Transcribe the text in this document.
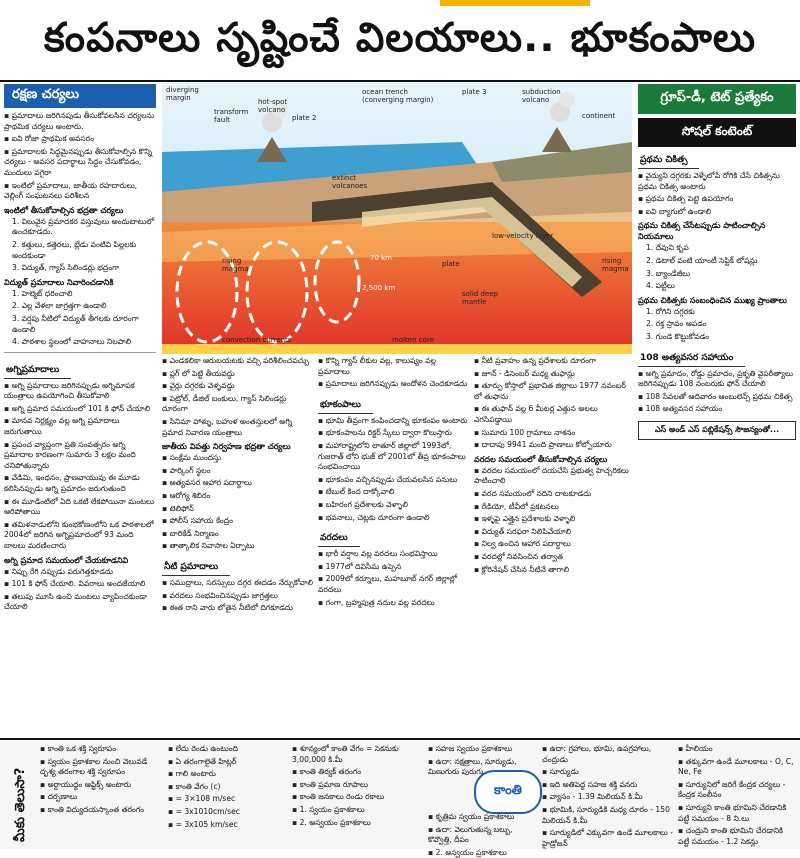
కంపనాలు సృష్టించే విలయాలు.. భూకంపాలు
రక్షణ చర్యలు
▪ ప్రమాదాలు జరిగినపుడు తీసుకోవలసిన చర్యలను ప్రాథమిక చర్యలు అంటారు.
▪ ఐవి రోజా ప్రాథమిక అవసరం
▪ ప్రమాదాలకు సిద్ధమైనప్పుడు తీసుకోవాల్సిన కొన్ని చర్యలు - అవసర పదార్థాలు సిద్ధం చేసుకోవడం, మందులు వగైరా
▪ ఇంటిలో ప్రమాదాలు, జాతీయ రహదారులు, వెల్లింగ్ సంఘటనలు పరిశీలన
ఇంటిలో తీసుకోవాల్సిన భద్రతా చర్యలు
1. విలువైన ప్రమాదకర వస్తువులు అందుబాటులో ఉంచకూడదు.
2. కత్తులు, కత్తెరలు, బ్లేడు వంటివి పిల్లలకు అందకుండా
3. విద్యుత్, గ్యాస్ సిలిండర్లు భద్రంగా
విద్యుత్ ప్రమాదాలు నివారించడానికి
1. హెల్మెట్ ధరించాలి
2. ఎల్ల వేళలా జాగ్రత్తగా ఉండాలి
3. వర్షపు నీటిలో విద్యుత్ తీగలకు దూరంగా ఉండాలి
4. పాఠశాల స్థలంలో వాహనాలు నిలపాలి
అగ్నిప్రమాదాలు
▪ అగ్ని ప్రమాదాలు జరిగినప్పుడు అగ్నిమాపక యంత్రాలు ఉపయోగించి తీసుకోవాలి
▪ అగ్ని ప్రమాద సమయంలో 101 కి ఫోన్ చేయాలి
▪ మానవ నిర్లక్ష్యం వల్ల అగ్ని ప్రమాదాలు జరుగుతాయి
▪ ప్రపంచ వ్యాప్తంగా ప్రతి సంవత్సరం అగ్ని ప్రమాదాల కారణంగా సుమారు 3 లక్షల మంది చనిపోతున్నారు
▪ వేడిమి, ఇంధనం, ప్రాణవాయువు ఈ మూడు కలిసినప్పుడు అగ్ని ప్రమాదం జరుగుతుంది
▪ ఈ మూడింటిలో ఏది ఒకటి లేకపోయినా మంటలు ఆరిపోతాయి
▪ తమిళనాడులోని కుంభకోణంలోని ఒక పాఠశాలలో 2004లో జరిగిన అగ్నిప్రమాదంలో 93 మంది బాలలు మరణించారు
అగ్ని ప్రమాద సమయంలో చేయకూడనివి
▪ నిప్పు రేగి నప్పుడు పరుగెత్తకూడదు
▪ 101 కి ఫోన్ చేయాలి. వివరాలు అందజేయాలి
▪ తలుపు మూసి ఉంచి మంటలు వ్యాపించకుండా చేయాలి
diverging margin
transform fault
hot-spot volcano
plate 2
ocean trench (converging margin)
plate 3	subduction volcano
continent
extinct volcanoes
low-velocity layer
rising magma
70 km
plate
2,500 km
solid deep mantle
rising magma
convection currents	molten core
▪ ఎండకలికా ఆరుబయటకు వచ్చి పరిశీలించవచ్చు
▪ ప్లగ్ లో పెట్టి తీయవద్దు
▪ వైర్లు దగ్గరకు వెళ్ళవద్దు
▪ పెట్రోల్, డీజిల్ బంకులు, గ్యాస్ సిలిండర్లు దూరంగా
▪ సినిమా హాళ్ళు, బహుళ అంతస్తులలో అగ్ని ప్రమాద నివారణ యంత్రాలు
జాతీయ విపత్తు నిర్వహణ భద్రతా చర్యలు
▪ సంక్షేమ ముందస్తు
▪ పార్కింగ్ స్థలం
▪ అత్యవసర ఆహార పదార్థాలు
▪ ఆరోగ్య శిబిరం
▪ టెలిఫోన్
▪ పోలీస్ సహాయ కేంద్రం
▪ బారికేడ్ నిర్మాణం
▪ తాత్కాలిక నివాసాల ఏర్పాటు
నీటి ప్రమాదాలు
▪ సముద్రాలు, సరస్సులు దగ్గర ఈదడం నేర్చుకోవాలి
▪ వరదలు సంభవించినప్పుడు జాగ్రత్తలు
▪ ఈత రాని వారు లోతైన నీటిలో దిగకూడదు
▪ కొన్ని గ్యాస్ లీకుల వల్ల, కాలుష్యం వల్ల ప్రమాదాలు
▪ ప్రమాదాలు జరిగినప్పుడు ఆందోళన చెందకూడదు
భూకంపాలు
▪ భూమి తీవ్రంగా కంపించడాన్ని భూకంపం అంటారు
▪ భూకంపాలను రిక్టర్ స్కేలు ద్వారా కొలుస్తారు
▪ మహారాష్ట్రలోని లాతూర్ జిల్లాలో 1993లో, గుజరాత్ లోని భుజ్ లో 2001లో తీవ్ర భూకంపాలు సంభవించాయి
▪ భూకంపం వచ్చినప్పుడు చేయవలసిన పనులు
▪ టేబుల్ కింద దాక్కోవాలి
▪ బహిరంగ ప్రదేశాలకు వెళ్ళాలి
▪ భవనాలు, చెట్లకు దూరంగా ఉండాలి
వరదలు
▪ భారీ వర్షాల వల్ల వరదలు సంభవిస్తాయి
▪ 1977లో దివిసీమ ఉప్పెన
▪ 2009లో కర్నూలు, మహబూబ్ నగర్ జిల్లాల్లో వరదలు
▪ గంగా, బ్రహ్మపుత్ర నదుల వల్ల వరదలు
▪ నీటి ప్రవాహం ఉన్న ప్రదేశాలకు దూరంగా
▪ జూన్ - డిసెంబర్ మధ్య తుఫాన్లు
▪ తూర్పు కోస్తాలో ప్రభావిత జిల్లాలు 1977 నవంబర్ లో తుఫాను
▪ ఈ తుఫాన్ వల్ల 6 మీటర్ల ఎత్తున అలలు ఎగసిపడ్డాయి
▪ సుమారు 100 గ్రామాలు నాశనం
▪ దాదాపు 9941 మంది ప్రాణాలు కోల్పోయారు
వరదల సమయంలో తీసుకోవాల్సిన చర్యలు
▪ వరదల సమయంలో దయచేసి ప్రభుత్వ హెచ్చరికలు పాటించాలి
▪ వరద సమయంలో నదిని దాటకూడదు
▪ రేడియో, టీవీలో ప్రకటనలు
▪ ఇళ్ళపై ఎత్తైన ప్రదేశాలకు వెళ్ళాలి
▪ విద్యుత్ సరఫరా నిలిపివేయాలి
▪ నిల్వ ఉంచిన ఆహార పదార్థాలు
▪ వరదల్లో నివసించిన తర్వాత
▪ క్లోరినేషన్ చేసిన నీటినే తాగాలి
గ్రూప్-డీ, టెట్ ప్రత్యేకం
సోషల్ కంటెంట్
ప్రథమ చికిత్స
▪ వైద్యుని దగ్గరకు వెళ్ళేలోపే రోగికి చేసే చికిత్సను ప్రథమ చికిత్స అంటారు
▪ ప్రథమ చికిత్స పెట్టె ఉపయోగం
▪ ఐవి బ్యాగులో ఉండాలి
ప్రథమ చికిత్స చేసేటప్పుడు పాటించాల్సిన నియమాలు
1. దేవుని కృప
2. డెటాల్ వంటి యాంటీ సెప్టిక్ లోషన్లు
3. బ్యాండేజీలు
4. పట్టీలు
ప్రథమ చికిత్సకు సంబంధించిన ముఖ్య ప్రాంతాలు
1. రోగిని దగ్గరకు
2. రక్త స్రావం ఆపడం
3. గుండె కొట్టుకోవడం
108 అత్యవసర సహాయం
▪ అగ్ని ప్రమాదం, రోడ్డు ప్రమాదం, ప్రకృతి వైపరీత్యాలు జరిగినప్పుడు 108 నంబరుకు ఫోన్ చేయాలి
▪ 108 సేవలతో ఆదివారం ఆంబులెన్స్ ప్రథమ చికిత్స
▪ 108 అత్యవసర సహాయం
ఎస్ అండ్ ఎస్ పబ్లికేషన్స్ సౌజన్యంతో...
మీకు తెలుసా?	కాంతి
▪ కాంతి ఒక శక్తి స్వరూపం
▪ స్వయం ప్రకాశకాల నుంచి వెలువడే దృశ్య తరంగాల శక్తి స్వరూపం
▪ అర్ధాయుధ్ధం ఆప్టిక్స్ అంటారు
▪ దర్పణాలు
▪ కాంతి విద్యుదయస్కాంత తరంగం
▪ లేదు రెండు ఉంటుంది
▪ ఏ తరంగాలైతే హిట్లర్
▪ గాలి అంటారు
▪ కాంతి వేగం (c)
▪ = 3×108 m/sec
▪ = 3x1010cm/sec
▪ = 3x105 km/sec
▪ శూన్యంలో కాంతి వేగం = సెకనుకు 3,00,000 కి.మీ
▪ కాంతి తిర్యక్ తరంగం
▪ కాంతి ప్రమాణ రూపాలు
▪ కాంతి జనకాలు రెండు రకాలు
▪ 1. స్వయం ప్రకాశకాలు
▪ 2. అస్వయం ప్రకాశకాలు
▪ సహజ స్వయం ప్రకాశకాలు
▪ ఉదా: నక్షత్రాలు, సూర్యుడు, మిణుగురు పురుగు
▪ కృత్రిమ స్వయం ప్రకాశకాలు
▪ ఉదా: వెలుగుతున్న బల్బు, కొవ్వొత్తి, దీపం
▪ 2. అస్వయం ప్రకాశకాలు
▪ ఉదా: గ్రహాలు, భూమి, ఉపగ్రహాలు, చంద్రుడు
▪ సూర్యుడు
▪ ఇది అతిపెద్ద సహజ శక్తి వనరు
▪ వ్యాసం - 1.39 మిలియన్ కి.మీ
▪ భూమికి, సూర్యుడికి మధ్య దూరం - 150 మిలియన్ కి.మీ
▪ సూర్యుడిలో ఎక్కువగా ఉండే మూలకాలు - హైడ్రోజన్
▪ హీలియం
▪ తక్కువగా ఉండే మూలకాలు - O, C, Ne, Fe
▪ సూర్యునిలో జరిగే కేంద్రక చర్యలు - కేంద్రక సంలీనం
▪ సూర్యుని కాంతి భూమిని చేరడానికి పట్టే సమయం - 8 ని.లు
▪ చంద్రుని కాంతి భూమిని చేరడానికి పట్టే సమయం - 1.2 సెకన్లు
